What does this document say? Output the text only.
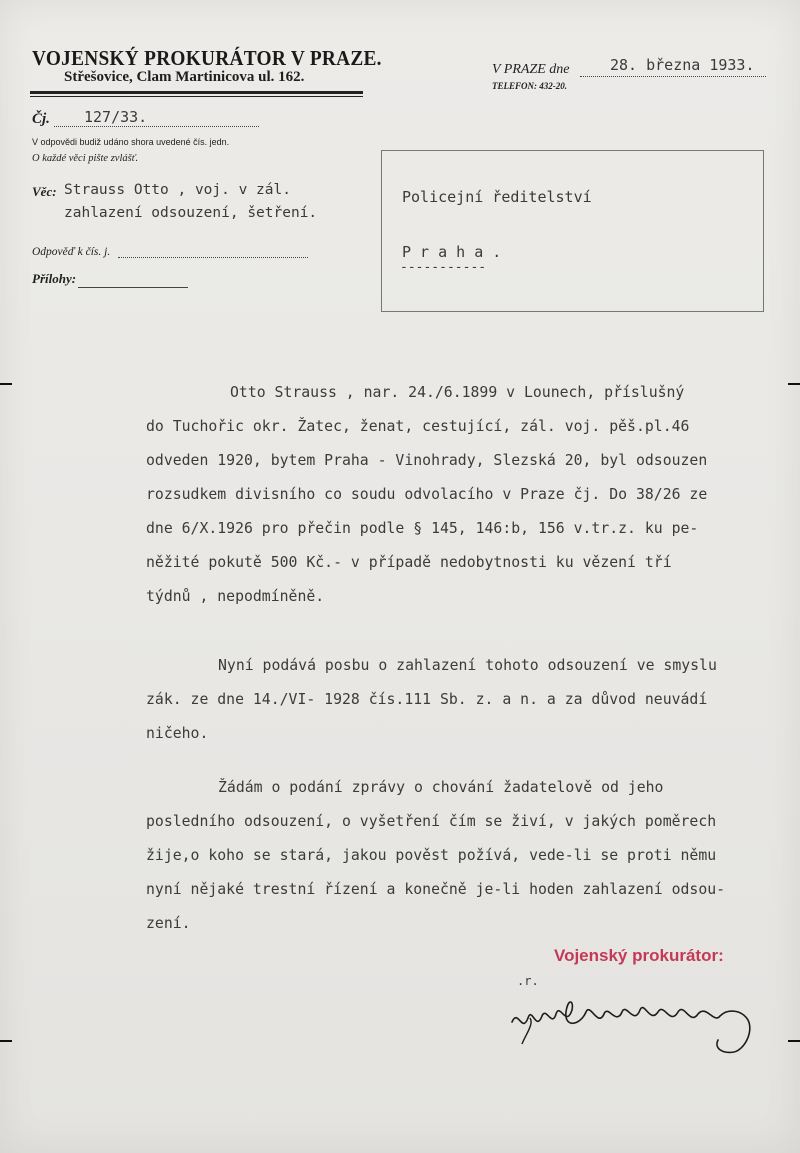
VOJENSKÝ PROKURÁTOR V PRAZE.
Střešovice, Clam Martinicova ul. 162.	V PRAZE dne	28. března 1933.
TELEFON: 432-20.
Čj. 127/33.
V odpovědi budiž udáno shora uvedené čís. jedn.
O každé věci pište zvlášť.
Věc: Strauss Otto , voj. v zál.
zahlazení odsouzení, šetření.
Odpověď k čís. j.
Přílohy:
Policejní ředitelství
P r a h a .
-----------
Otto Strauss , nar. 24./6.1899 v Lounech, příslušný
do Tuchořic okr. Žatec, ženat, cestující, zál. voj. pěš.pl.46
odveden 1920, bytem Praha - Vinohrady, Slezská 20, byl odsouzen
rozsudkem divisního co soudu odvolacího v Praze čj. Do 38/26 ze
dne 6/X.1926 pro přečin podle § 145, 146:b, 156 v.tr.z. ku pe-
něžité pokutě 500 Kč.- v případě nedobytnosti ku vězení tří
týdnů , nepodmíněně.
Nyní podává posbu o zahlazení tohoto odsouzení ve smyslu
zák. ze dne 14./VI- 1928 čís.111 Sb. z. a n. a za důvod neuvádí
ničeho.
Žádám o podání zprávy o chování žadatelově od jeho
posledního odsouzení, o vyšetření čím se živí, v jakých poměrech
žije,o koho se stará, jakou pověst požívá, vede-li se proti němu
nyní nějaké trestní řízení a konečně je-li hoden zahlazení odsou-
zení.
Vojenský prokurátor:
.r.
